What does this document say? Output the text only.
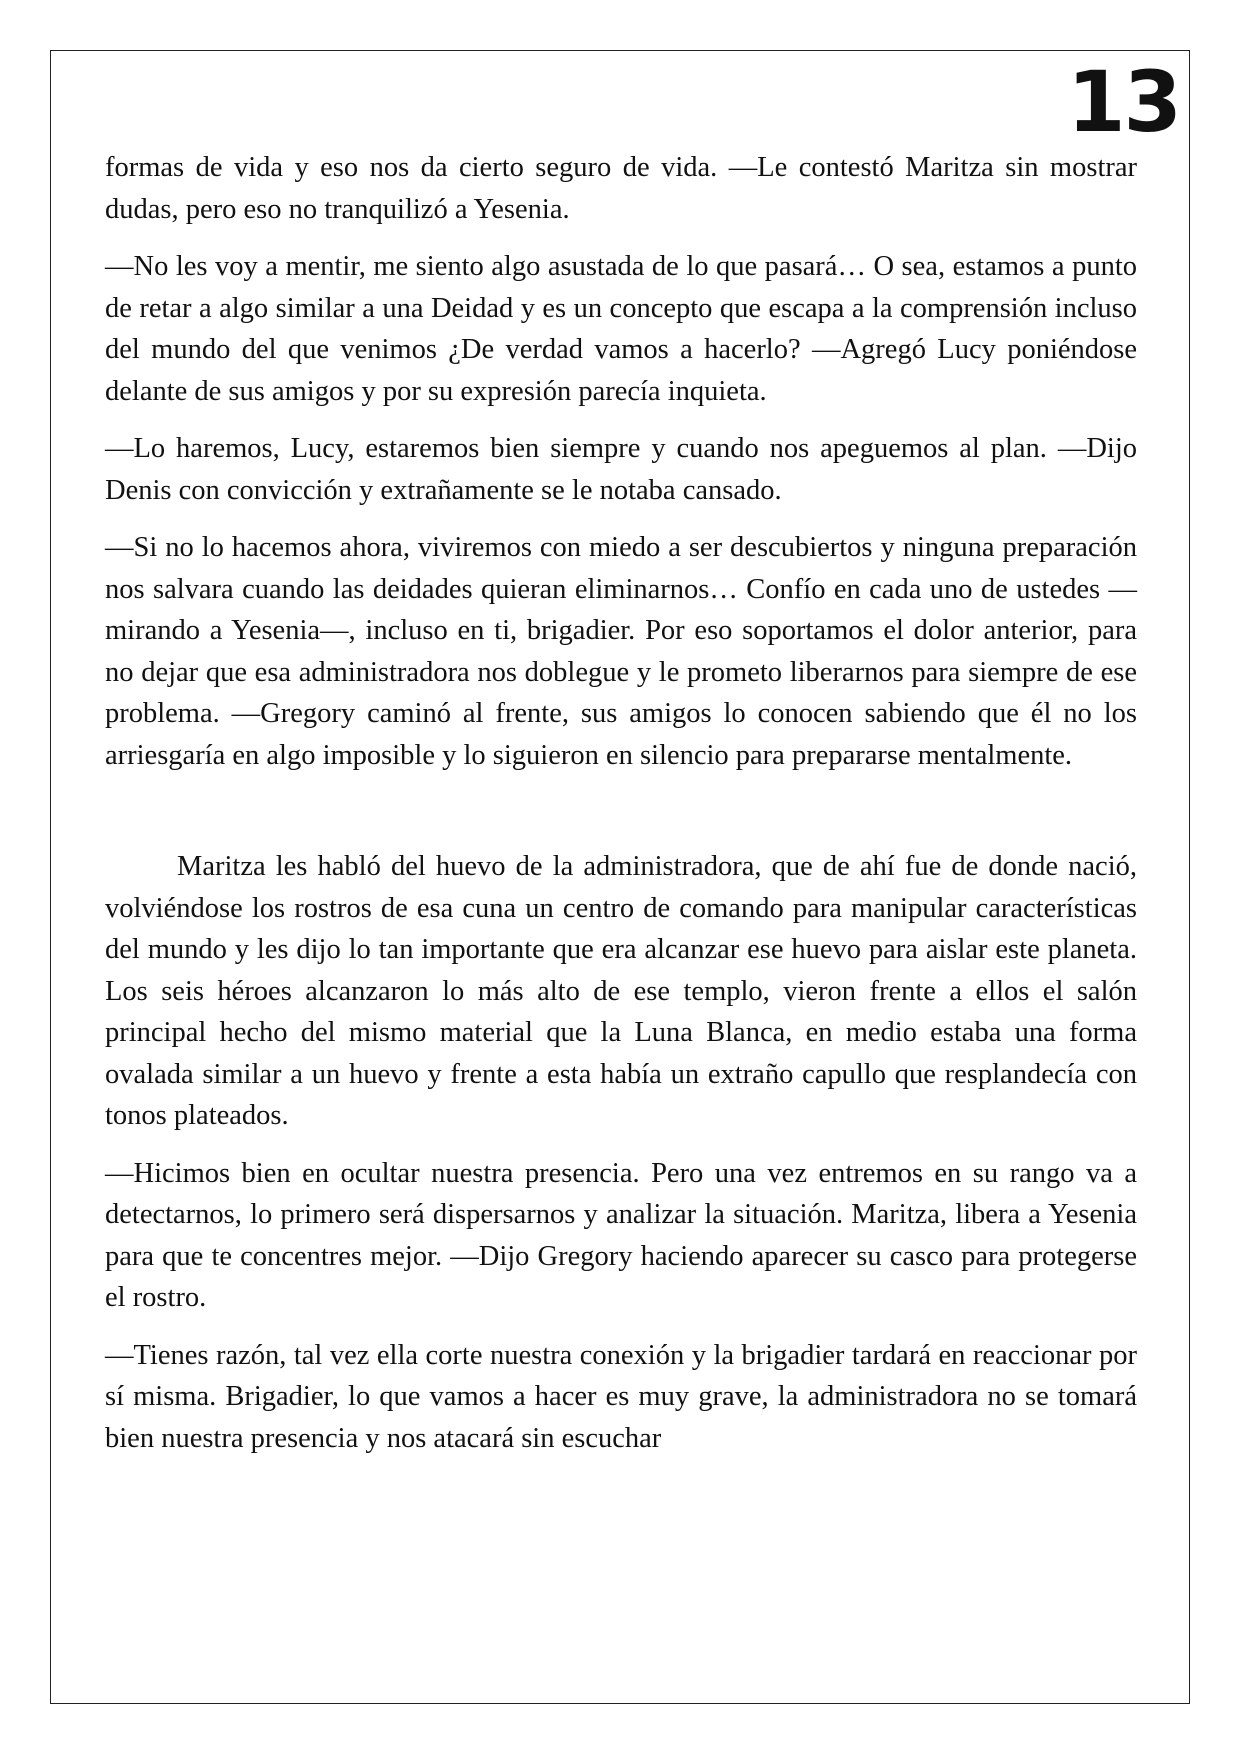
13

formas de vida y eso nos da cierto seguro de vida. —Le contestó Maritza sin mostrar dudas, pero eso no tranquilizó a Yesenia.

—No les voy a mentir, me siento algo asustada de lo que pasará… O sea, estamos a punto de retar a algo similar a una Deidad y es un concepto que escapa a la comprensión incluso del mundo del que venimos ¿De verdad vamos a hacerlo? —Agregó Lucy poniéndose delante de sus amigos y por su expresión parecía inquieta.

—Lo haremos, Lucy, estaremos bien siempre y cuando nos apeguemos al plan. —Dijo Denis con convicción y extrañamente se le notaba cansado.

—Si no lo hacemos ahora, viviremos con miedo a ser descubiertos y ninguna preparación nos salvara cuando las deidades quieran eliminarnos… Confío en cada uno de ustedes —mirando a Yesenia—, incluso en ti, brigadier. Por eso soportamos el dolor anterior, para no dejar que esa administradora nos doblegue y le prometo liberarnos para siempre de ese problema. —Gregory caminó al frente, sus amigos lo conocen sabiendo que él no los arriesgaría en algo imposible y lo siguieron en silencio para prepararse mentalmente.

Maritza les habló del huevo de la administradora, que de ahí fue de donde nació, volviéndose los rostros de esa cuna un centro de comando para manipular características del mundo y les dijo lo tan importante que era alcanzar ese huevo para aislar este planeta. Los seis héroes alcanzaron lo más alto de ese templo, vieron frente a ellos el salón principal hecho del mismo material que la Luna Blanca, en medio estaba una forma ovalada similar a un huevo y frente a esta había un extraño capullo que resplandecía con tonos plateados.

—Hicimos bien en ocultar nuestra presencia. Pero una vez entremos en su rango va a detectarnos, lo primero será dispersarnos y analizar la situación. Maritza, libera a Yesenia para que te concentres mejor. —Dijo Gregory haciendo aparecer su casco para protegerse el rostro.

—Tienes razón, tal vez ella corte nuestra conexión y la brigadier tardará en reaccionar por sí misma. Brigadier, lo que vamos a hacer es muy grave, la administradora no se tomará bien nuestra presencia y nos atacará sin escuchar
